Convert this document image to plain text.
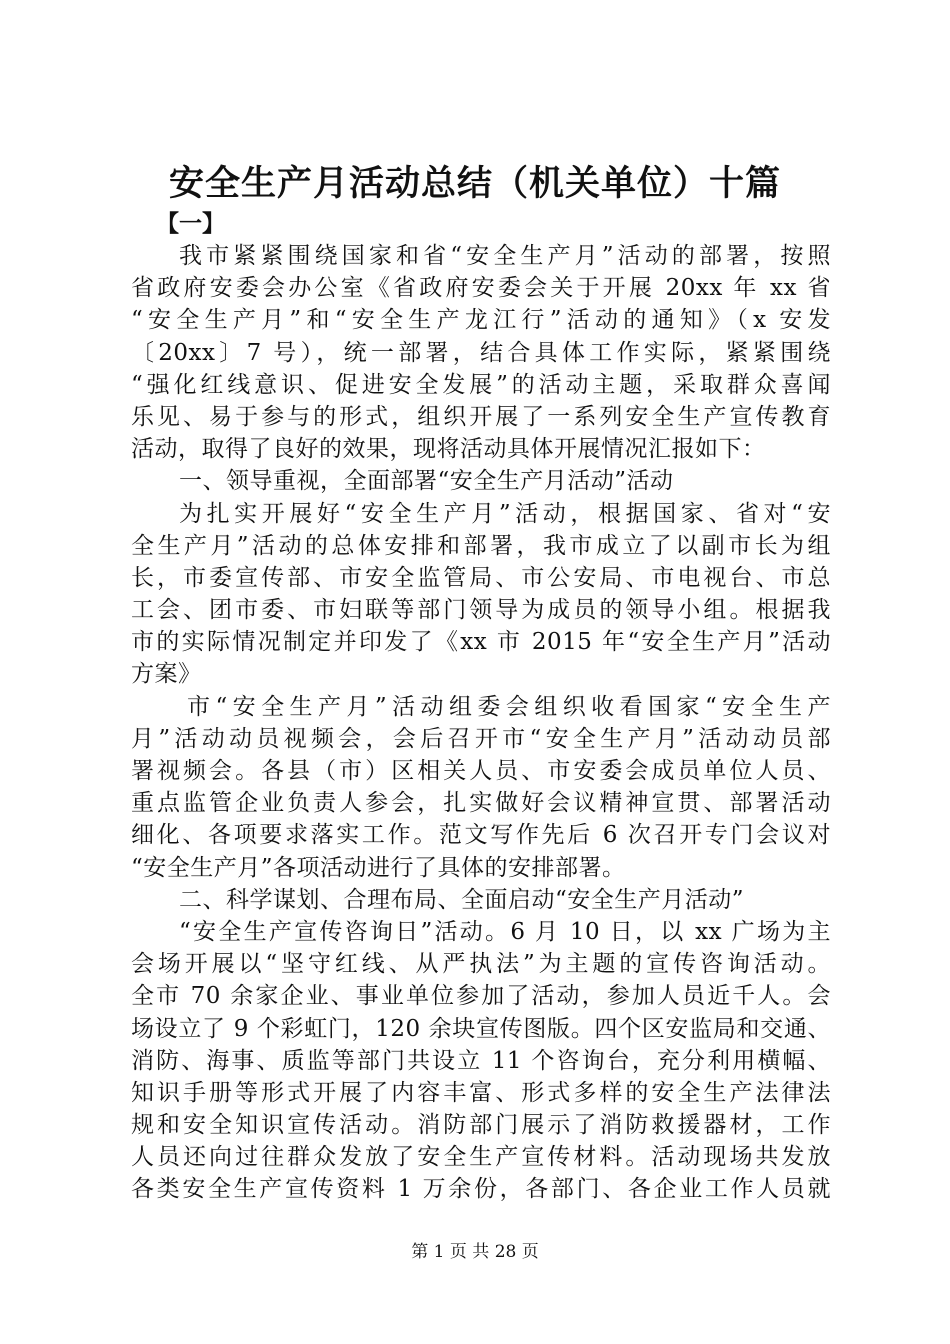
安全生产月活动总结（机关单位）十篇
【一】
我市紧紧围绕国家和省“安全生产月”活动的部署，按照
省政府安委会办公室《省政府安委会关于开展 20xx 年 xx 省
“安全生产月”和“安全生产龙江行”活动的通知》（x 安发
〔20xx〕7 号），统一部署，结合具体工作实际，紧紧围绕
“强化红线意识、促进安全发展”的活动主题，采取群众喜闻
乐见、易于参与的形式，组织开展了一系列安全生产宣传教育
活动，取得了良好的效果，现将活动具体开展情况汇报如下：
一、领导重视，全面部署“安全生产月活动”活动
为扎实开展好“安全生产月”活动，根据国家、省对“安
全生产月”活动的总体安排和部署，我市成立了以副市长为组
长，市委宣传部、市安全监管局、市公安局、市电视台、市总
工会、团市委、市妇联等部门领导为成员的领导小组。根据我
市的实际情况制定并印发了《xx 市 2015 年“安全生产月”活动
方案》
市“安全生产月”活动组委会组织收看国家“安全生产
月”活动动员视频会，会后召开市“安全生产月”活动动员部
署视频会。各县（市）区相关人员、市安委会成员单位人员、
重点监管企业负责人参会，扎实做好会议精神宣贯、部署活动
细化、各项要求落实工作。范文写作先后 6 次召开专门会议对
“安全生产月”各项活动进行了具体的安排部署。
二、科学谋划、合理布局、全面启动“安全生产月活动”
“安全生产宣传咨询日”活动。6 月 10 日，以 xx 广场为主
会场开展以“坚守红线、从严执法”为主题的宣传咨询活动。
全市 70 余家企业、事业单位参加了活动，参加人员近千人。会
场设立了 9 个彩虹门，120 余块宣传图版。四个区安监局和交通、
消防、海事、质监等部门共设立 11 个咨询台，充分利用横幅、
知识手册等形式开展了内容丰富、形式多样的安全生产法律法
规和安全知识宣传活动。消防部门展示了消防救援器材，工作
人员还向过往群众发放了安全生产宣传材料。活动现场共发放
各类安全生产宣传资料 1 万余份，各部门、各企业工作人员就
第 1 页 共 28 页
